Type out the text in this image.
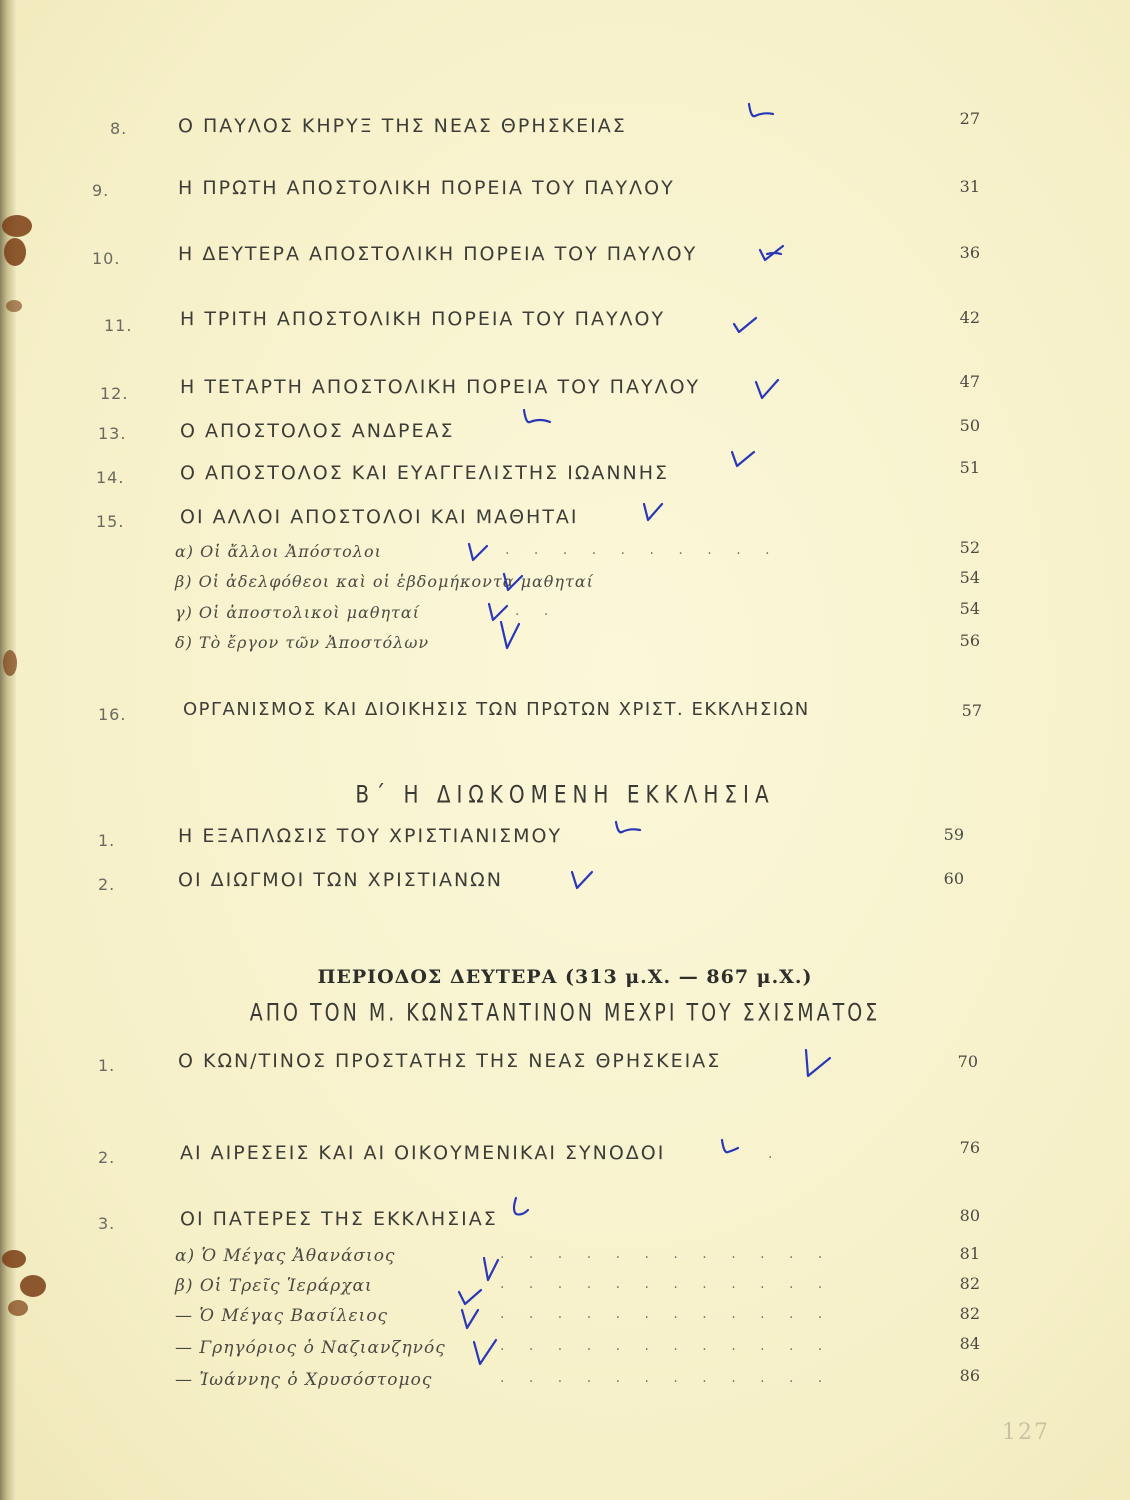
8.	Ο ΠΑΥΛΟΣ ΚΗΡΥΞ ΤΗΣ ΝΕΑΣ ΘΡΗΣΚΕΙΑΣ	27
9.	Η ΠΡΩΤΗ ΑΠΟΣΤΟΛΙΚΗ ΠΟΡΕΙΑ ΤΟΥ ΠΑΥΛΟΥ	31
10.	Η ΔΕΥΤΕΡΑ ΑΠΟΣΤΟΛΙΚΗ ΠΟΡΕΙΑ ΤΟΥ ΠΑΥΛΟΥ	36
11.	Η ΤΡΙΤΗ ΑΠΟΣΤΟΛΙΚΗ ΠΟΡΕΙΑ ΤΟΥ ΠΑΥΛΟΥ	42
12.	Η ΤΕΤΑΡΤΗ ΑΠΟΣΤΟΛΙΚΗ ΠΟΡΕΙΑ ΤΟΥ ΠΑΥΛΟΥ	47
13.	Ο ΑΠΟΣΤΟΛΟΣ ΑΝΔΡΕΑΣ	50
14.	Ο ΑΠΟΣΤΟΛΟΣ ΚΑΙ ΕΥΑΓΓΕΛΙΣΤΗΣ ΙΩΑΝΝΗΣ	51
15.	ΟΙ ΑΛΛΟΙ ΑΠΟΣΤΟΛΟΙ ΚΑΙ ΜΑΘΗΤΑΙ
α) Οἱ ἄλλοι Ἀπόστολοι	. . . . . . . . . .	52
β) Οἱ ἀδελφόθεοι καὶ οἱ ἑβδομήκοντα μαθηταί	54
γ) Οἱ ἀποστολικοὶ μαθηταί	. .	54
δ) Τὸ ἔργον τῶν Ἀποστόλων	56
16.	ΟΡΓΑΝΙΣΜΟΣ ΚΑΙ ΔΙΟΙΚΗΣΙΣ ΤΩΝ ΠΡΩΤΩΝ ΧΡΙΣΤ. ΕΚΚΛΗΣΙΩΝ	57
Β΄ Η ΔΙΩΚΟΜΕΝΗ ΕΚΚΛΗΣΙΑ
1.	Η ΕΞΑΠΛΩΣΙΣ ΤΟΥ ΧΡΙΣΤΙΑΝΙΣΜΟΥ	59
2.	ΟΙ ΔΙΩΓΜΟΙ ΤΩΝ ΧΡΙΣΤΙΑΝΩΝ	60
ΠΕΡΙΟΔΟΣ ΔΕΥΤΕΡΑ (313 μ.Χ. — 867 μ.Χ.)
ΑΠΟ ΤΟΝ Μ. ΚΩΝΣΤΑΝΤΙΝΟΝ ΜΕΧΡΙ ΤΟΥ ΣΧΙΣΜΑΤΟΣ
1.	Ο ΚΩΝ/ΤΙΝΟΣ ΠΡΟΣΤΑΤΗΣ ΤΗΣ ΝΕΑΣ ΘΡΗΣΚΕΙΑΣ	70
2.	ΑΙ ΑΙΡΕΣΕΙΣ ΚΑΙ ΑΙ ΟΙΚΟΥΜΕΝΙΚΑΙ ΣΥΝΟΔΟΙ	.	76
3.	ΟΙ ΠΑΤΕΡΕΣ ΤΗΣ ΕΚΚΛΗΣΙΑΣ	80
α) Ὁ Μέγας Ἀθανάσιος	. . . . . . . . . . . .	81
β) Οἱ Τρεῖς Ἱεράρχαι	. . . . . . . . . . . .	82
— Ὁ Μέγας Βασίλειος	. . . . . . . . . . . .	82
— Γρηγόριος ὁ Ναζιανζηνός	. . . . . . . . . . . .	84
— Ἰωάννης ὁ Χρυσόστομος	. . . . . . . . . . . .	86
127
